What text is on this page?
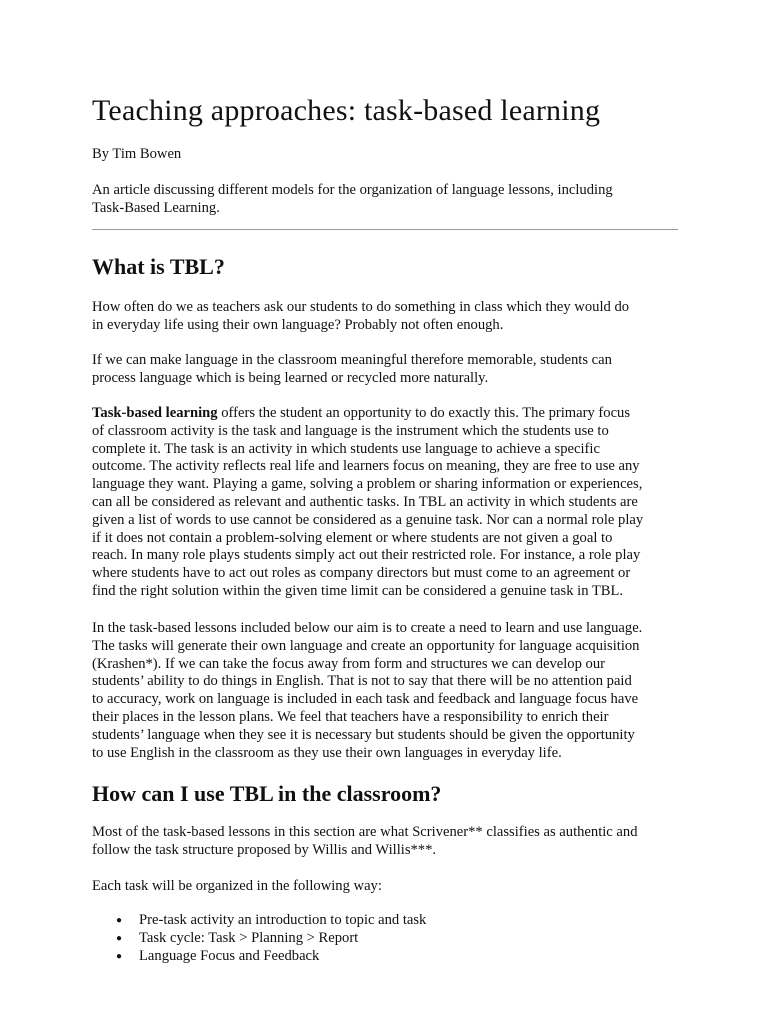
Teaching approaches: task-based learning

By Tim Bowen

An article discussing different models for the organization of language lessons, including
Task-Based Learning.

What is TBL?

How often do we as teachers ask our students to do something in class which they would do
in everyday life using their own language? Probably not often enough.

If we can make language in the classroom meaningful therefore memorable, students can
process language which is being learned or recycled more naturally.

Task-based learning offers the student an opportunity to do exactly this. The primary focus
of classroom activity is the task and language is the instrument which the students use to
complete it. The task is an activity in which students use language to achieve a specific
outcome. The activity reflects real life and learners focus on meaning, they are free to use any
language they want. Playing a game, solving a problem or sharing information or experiences,
can all be considered as relevant and authentic tasks. In TBL an activity in which students are
given a list of words to use cannot be considered as a genuine task. Nor can a normal role play
if it does not contain a problem-solving element or where students are not given a goal to
reach. In many role plays students simply act out their restricted role. For instance, a role play
where students have to act out roles as company directors but must come to an agreement or
find the right solution within the given time limit can be considered a genuine task in TBL.

In the task-based lessons included below our aim is to create a need to learn and use language.
The tasks will generate their own language and create an opportunity for language acquisition
(Krashen*). If we can take the focus away from form and structures we can develop our
students’ ability to do things in English. That is not to say that there will be no attention paid
to accuracy, work on language is included in each task and feedback and language focus have
their places in the lesson plans. We feel that teachers have a responsibility to enrich their
students’ language when they see it is necessary but students should be given the opportunity
to use English in the classroom as they use their own languages in everyday life.

How can I use TBL in the classroom?

Most of the task-based lessons in this section are what Scrivener** classifies as authentic and
follow the task structure proposed by Willis and Willis***.

Each task will be organized in the following way:

● Pre-task activity an introduction to topic and task
● Task cycle: Task > Planning > Report
● Language Focus and Feedback
